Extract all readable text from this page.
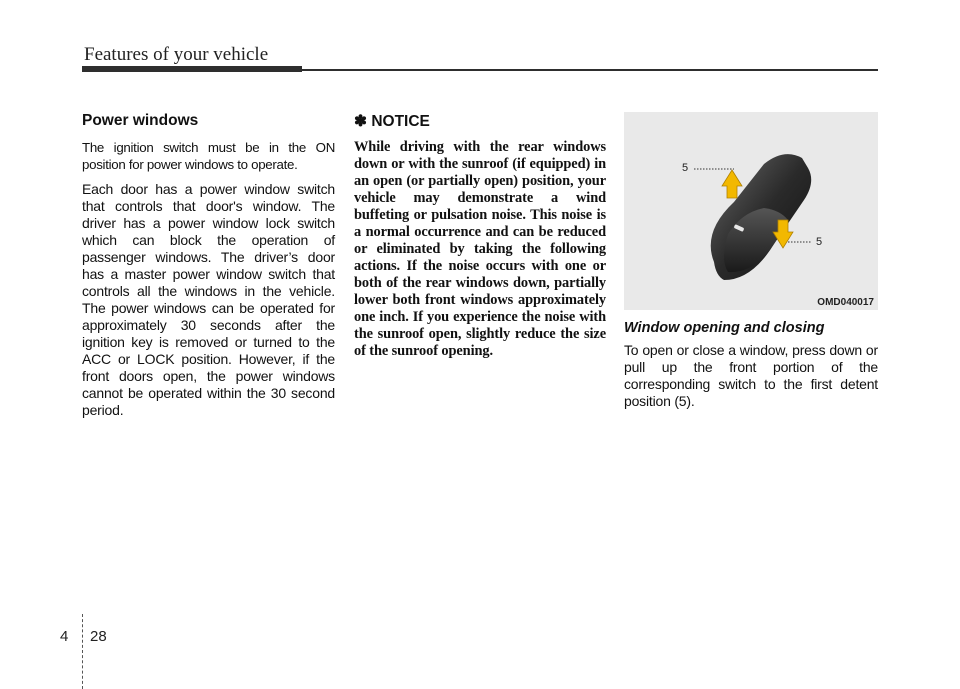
Features of your vehicle
Power windows

The ignition switch must be in the ON position for power windows to operate.

Each door has a power window switch that controls that door's window. The driver has a power window lock switch which can block the operation of passenger windows. The driver’s door has a master power window switch that controls all the windows in the vehicle. The power windows can be operated for approximately 30 seconds after the ignition key is removed or turned to the ACC or LOCK position. However, if the front doors open, the power windows cannot be operated within the 30 second period.

✽ NOTICE

While driving with the rear windows down or with the sunroof (if equipped) in an open (or partially open) position, your vehicle may demonstrate a wind buffeting or pulsation noise. This noise is a normal occurrence and can be reduced or eliminated by taking the following actions. If the noise occurs with one or both of the rear windows down, partially lower both front windows approximately one inch. If you experience the noise with the sunroof open, slightly reduce the size of the sunroof opening.

5
5
OMD040017
Window opening and closing

To open or close a window, press down or pull up the front portion of the corresponding switch to the first detent position (5).

4 28
